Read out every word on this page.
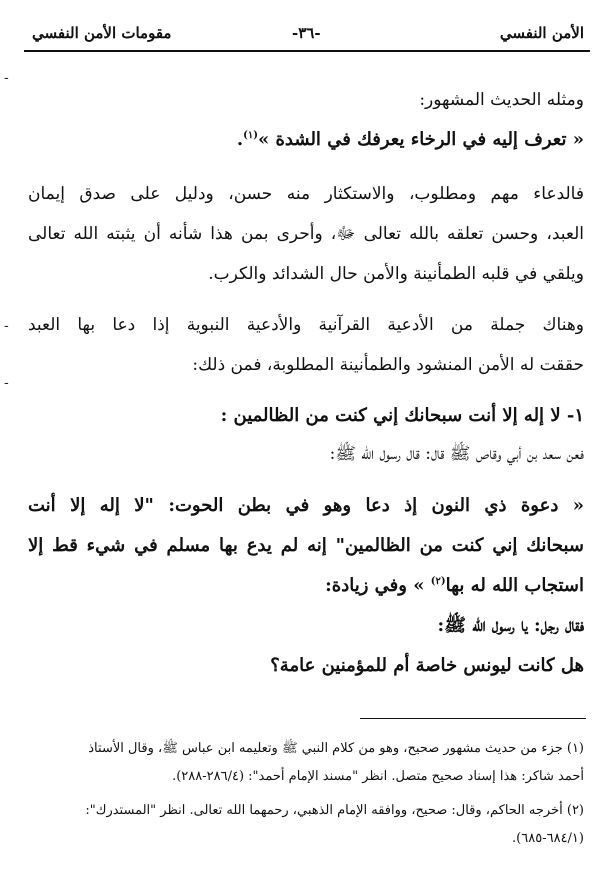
الأمن النفسي
-٣٦-
مقومات الأمن النفسي
-
-
-
ومثله الحديث المشهور:
« تعرف إليه في الرخاء يعرفك في الشدة »$^{(١)}$.
فالدعاء مهم ومطلوب، والاستكثار منه حسن، ودليل على صدق إيمان
العبد، وحسن تعلقه بالله تعالى ﷻ، وأحرى بمن هذا شأنه أن يثبته الله تعالى
ويلقي في قلبه الطمأنينة والأمن حال الشدائد والكرب.
وهناك جملة من الأدعية القرآنية والأدعية النبوية إذا دعا بها العبد
حققت له الأمن المنشود والطمأنينة المطلوبة، فمن ذلك:
١- لا إله إلا أنت سبحانك إني كنت من الظالمين :
فعن سعد بن أبي وقاص ﷺ قال: قال رسول الله ﷺ:
« دعوة ذي النون إذ دعا وهو في بطن الحوت: "لا إله إلا أنت
سبحانك إني كنت من الظالمين" إنه لم يدع بها مسلم في شيء قط إلا
استجاب الله له بها$^{(٢)}$ » وفي زيادة:
فقال رجل: يا رسول الله ﷺ:
هل كانت ليونس خاصة أم للمؤمنين عامة؟
(١) جزء من حديث مشهور صحيح، وهو من كلام النبي ﷺ وتعليمه ابن عباس ﷺ، وقال الأستاذ
أحمد شاكر: هذا إسناد صحيح متصل. انظر "مسند الإمام أحمد": (٢٨٦/٤-٢٨٨).
(٢) أخرجه الحاكم، وقال: صحيح، ووافقه الإمام الذهبي، رحمهما الله تعالى. انظر "المستدرك":
(٦٨٤/١-٦٨٥).
